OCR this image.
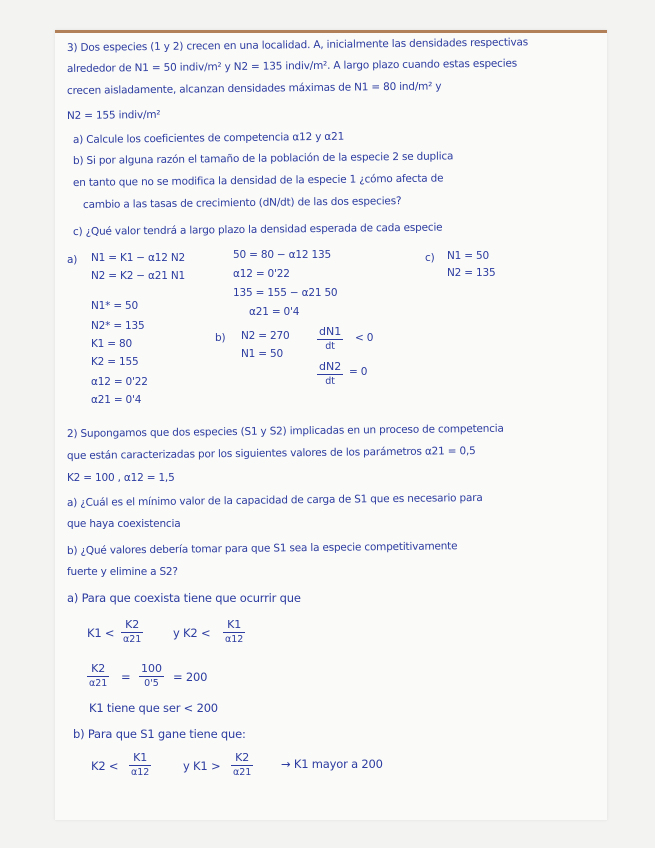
3) Dos especies (1 y 2) crecen en una localidad. A, inicialmente las densidades respectivas
alrededor de N1 = 50 indiv/m² y N2 = 135 indiv/m². A largo plazo cuando estas especies
crecen aisladamente, alcanzan densidades máximas de N1 = 80 ind/m² y
N2 = 155 indiv/m²
a) Calcule los coeficientes de competencia α12 y α21
b) Si por alguna razón el tamaño de la población de la especie 2 se duplica
en tanto que no se modifica la densidad de la especie 1 ¿cómo afecta de
cambio a las tasas de crecimiento (dN/dt) de las dos especies?
c) ¿Qué valor tendrá a largo plazo la densidad esperada de cada especie
a) N1 = K1 − α12 N2
N2 = K2 − α21 N1
N1* = 50
N2* = 135
K1 = 80
K2 = 155
α12 = 0'22
α21 = 0'4
50 = 80 − α12 135
α12 = 0'22
135 = 155 − α21 50
α21 = 0'4
b) N2 = 270
N1 = 50
dN1
dt
< 0
dN2
dt
= 0
c) N1 = 50
N2 = 135
2) Supongamos que dos especies (S1 y S2) implicadas en un proceso de competencia
que están caracterizadas por los siguientes valores de los parámetros α21 = 0,5
K2 = 100 , α12 = 1,5
a) ¿Cuál es el mínimo valor de la capacidad de carga de S1 que es necesario para
que haya coexistencia
b) ¿Qué valores debería tomar para que S1 sea la especie competitivamente
fuerte y elimine a S2?
a) Para que coexista tiene que ocurrir que
K1 <
K2
α21	y K2 <
K1
α12
K2
α21 =
100
0'5 = 200
K1 tiene que ser < 200
b) Para que S1 gane tiene que:
K2 <
K1
α12	y K1 >
K2
α21
→ K1 mayor a 200
